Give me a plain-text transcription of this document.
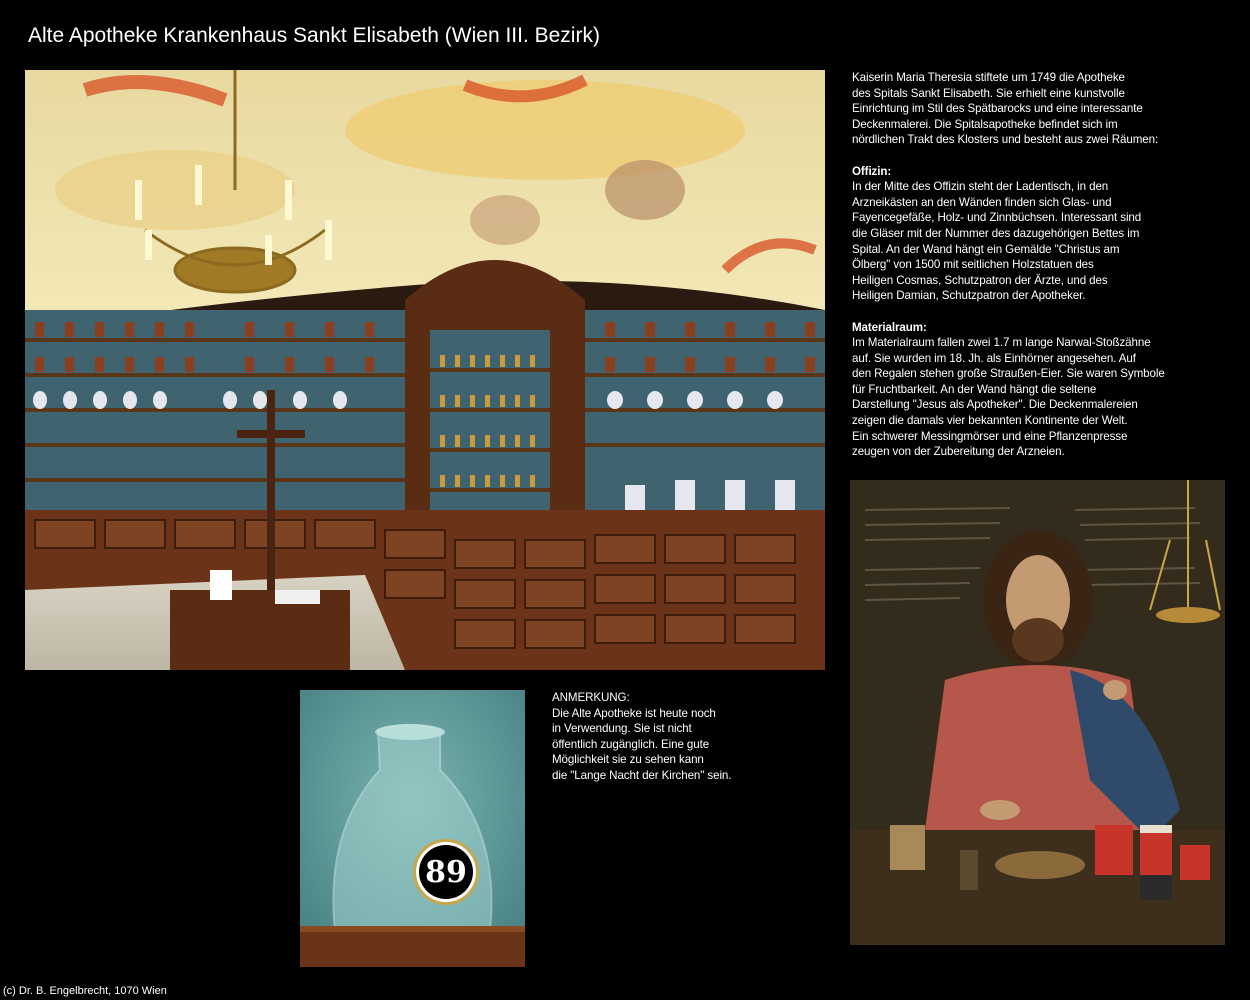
Alte Apotheke Krankenhaus Sankt Elisabeth (Wien III. Bezirk)

Kaiserin Maria Theresia stiftete um 1749 die Apotheke

des Spitals Sankt Elisabeth. Sie erhielt eine kunstvolle

Einrichtung im Stil des Spätbarocks und eine interessante

Deckenmalerei. Die Spitalsapotheke befindet sich im

nördlichen Trakt des Klosters und besteht aus zwei Räumen:

Offizin:

In der Mitte des Offizin steht der Ladentisch, in den

Arzneikästen an den Wänden finden sich Glas- und

Fayencegefäße, Holz- und Zinnbüchsen. Interessant sind

die Gläser mit der Nummer des dazugehörigen Bettes im

Spital. An der Wand hängt ein Gemälde "Christus am

Ölberg" von 1500 mit seitlichen Holzstatuen des

Heiligen Cosmas, Schutzpatron der Ärzte, und des

Heiligen Damian, Schutzpatron der Apotheker.

Materialraum:

Im Materialraum fallen zwei 1.7 m lange Narwal-Stoßzähne

auf. Sie wurden im 18. Jh. als Einhörner angesehen. Auf

den Regalen stehen große Straußen-Eier. Sie waren Symbole

für Fruchtbarkeit. An der Wand hängt die seltene

Darstellung "Jesus als Apotheker". Die Deckenmalereien

zeigen die damals vier bekannten Kontinente der Welt.

Ein schwerer Messingmörser und eine Pflanzenpresse

zeugen von der Zubereitung der Arzneien.

89

ANMERKUNG:

Die Alte Apotheke ist heute noch

in Verwendung. Sie ist nicht

öffentlich zugänglich. Eine gute

Möglichkeit sie zu sehen kann

die "Lange Nacht der Kirchen" sein.

(c) Dr. B. Engelbrecht, 1070 Wien
